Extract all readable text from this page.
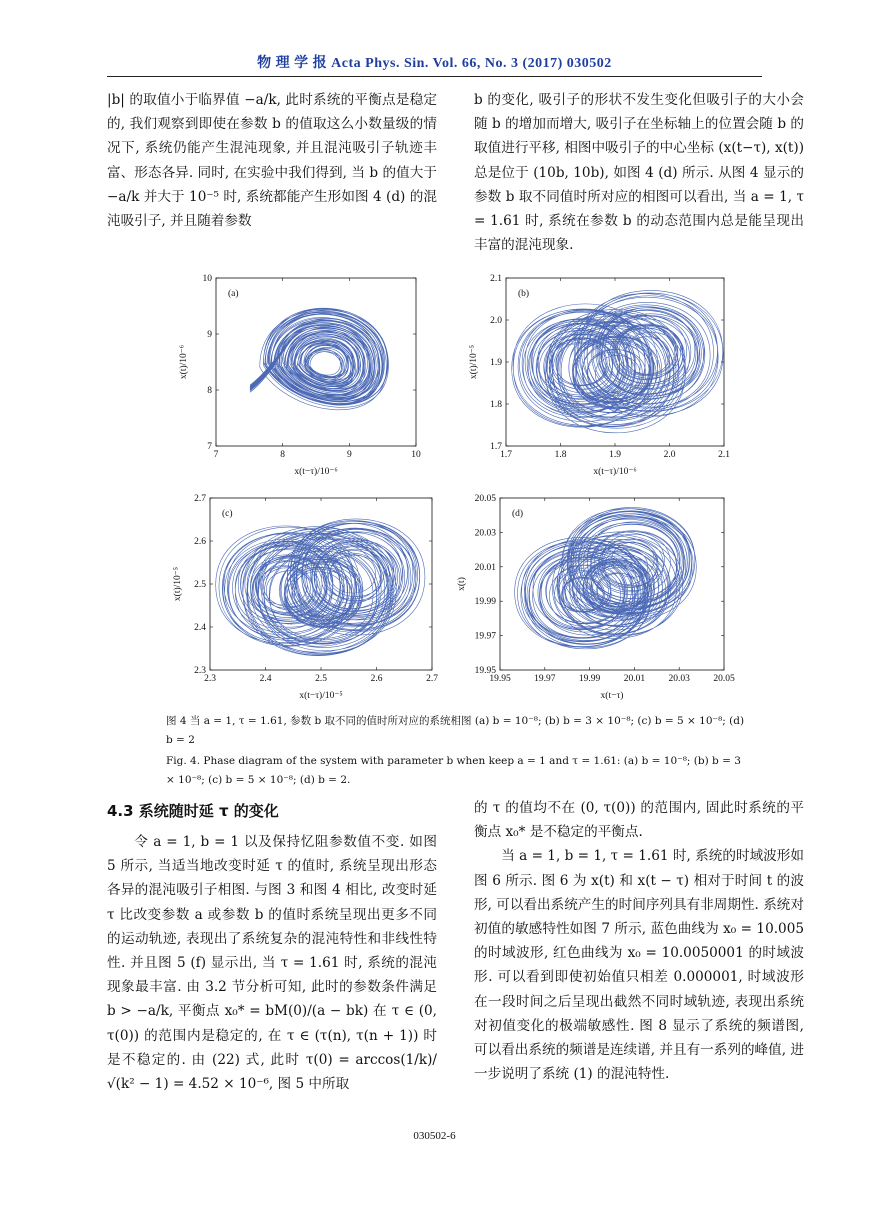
物 理 学 报 Acta Phys. Sin. Vol. 66, No. 3 (2017) 030502

|b| 的取值小于临界值 −a/k, 此时系统的平衡点是稳定的, 我们观察到即使在参数 b 的值取这么小数量级的情况下, 系统仍能产生混沌现象, 并且混沌吸引子轨迹丰富、形态各异. 同时, 在实验中我们得到, 当 b 的值大于 −a/k 并大于 10⁻⁵ 时, 系统都能产生形如图 4 (d) 的混沌吸引子, 并且随着参数

b 的变化, 吸引子的形状不发生变化但吸引子的大小会随 b 的增加而增大, 吸引子在坐标轴上的位置会随 b 的取值进行平移, 相图中吸引子的中心坐标 (x(t−τ), x(t)) 总是位于 (10b, 10b), 如图 4 (d) 所示. 从图 4 显示的参数 b 取不同值时所对应的相图可以看出, 当 a = 1, τ = 1.61 时, 系统在参数 b 的动态范围内总是能呈现出丰富的混沌现象.

7	8	9	10
7
8
9
10
(a)
x(t−τ)/10⁻⁶
x(t)/10⁻⁶
1.7	1.8	1.9	2.0	2.1
1.7
1.8
1.9
2.0
2.1
(b)
x(t−τ)/10⁻⁶
x(t)/10⁻⁵
2.3	2.4	2.5	2.6	2.7
2.3
2.4
2.5
2.6
2.7
(c)
x(t−τ)/10⁻⁵
x(t)/10⁻⁵
19.95 19.97 19.99 20.01 20.03 20.05
19.95
19.97
19.99
20.01
20.03
20.05
(d)
x(t−τ)
x(t)

图 4 当 a = 1, τ = 1.61, 参数 b 取不同的值时所对应的系统相图 (a) b = 10⁻⁸; (b) b = 3 × 10⁻⁸; (c) b = 5 × 10⁻⁸; (d) b = 2

Fig. 4. Phase diagram of the system with parameter b when keep a = 1 and τ = 1.61: (a) b = 10⁻⁸; (b) b = 3 × 10⁻⁸; (c) b = 5 × 10⁻⁸; (d) b = 2.

4.3 系统随时延 τ 的变化

令 a = 1, b = 1 以及保持忆阻参数值不变. 如图 5 所示, 当适当地改变时延 τ 的值时, 系统呈现出形态各异的混沌吸引子相图. 与图 3 和图 4 相比, 改变时延 τ 比改变参数 a 或参数 b 的值时系统呈现出更多不同的运动轨迹, 表现出了系统复杂的混沌特性和非线性特性. 并且图 5 (f) 显示出, 当 τ = 1.61 时, 系统的混沌现象最丰富. 由 3.2 节分析可知, 此时的参数条件满足 b > −a/k, 平衡点 x₀* = bM(0)/(a − bk) 在 τ ∈ (0, τ(0)) 的范围内是稳定的, 在 τ ∈ (τ(n), τ(n + 1)) 时是不稳定的. 由 (22) 式, 此时 τ(0) = arccos(1/k)/√(k² − 1) = 4.52 × 10⁻⁶, 图 5 中所取

的 τ 的值均不在 (0, τ(0)) 的范围内, 固此时系统的平衡点 x₀* 是不稳定的平衡点.

当 a = 1, b = 1, τ = 1.61 时, 系统的时域波形如图 6 所示. 图 6 为 x(t) 和 x(t − τ) 相对于时间 t 的波形, 可以看出系统产生的时间序列具有非周期性. 系统对初值的敏感特性如图 7 所示, 蓝色曲线为 x₀ = 10.005 的时域波形, 红色曲线为 x₀ = 10.0050001 的时域波形. 可以看到即使初始值只相差 0.000001, 时域波形在一段时间之后呈现出截然不同时域轨迹, 表现出系统对初值变化的极端敏感性. 图 8 显示了系统的频谱图, 可以看出系统的频谱是连续谱, 并且有一系列的峰值, 进一步说明了系统 (1) 的混沌特性.

030502-6
